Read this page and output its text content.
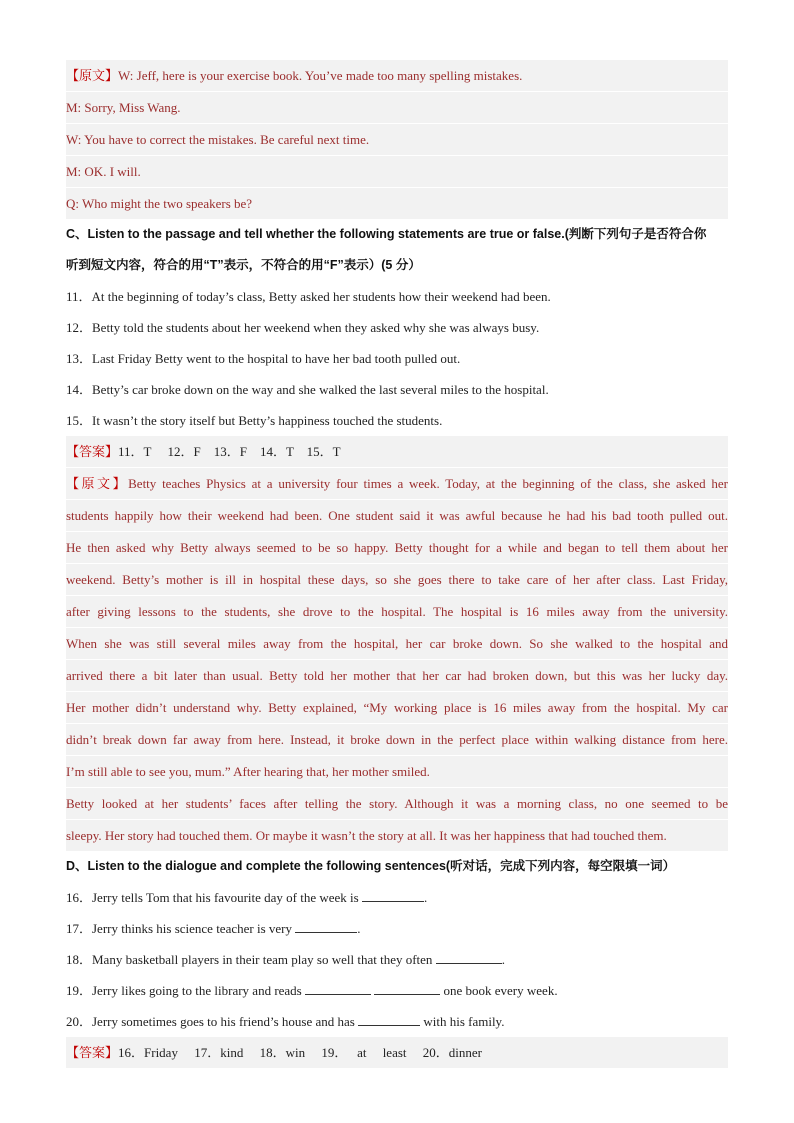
【原文】W: Jeff, here is your exercise book. You’ve made too many spelling mistakes.
M: Sorry, Miss Wang.
W: You have to correct the mistakes. Be careful next time.
M: OK. I will.
Q: Who might the two speakers be?
C、Listen to the passage and tell whether the following statements are true or false.(判断下列句子是否符合你
听到短文内容，符合的用“T”表示，不符合的用“F”表示）(5 分）
11．At the beginning of today’s class, Betty asked her students how their weekend had been.
12．Betty told the students about her weekend when they asked why she was always busy.
13．Last Friday Betty went to the hospital to have her bad tooth pulled out.
14．Betty’s car broke down on the way and she walked the last several miles to the hospital.
15．It wasn’t the story itself but Betty’s happiness touched the students.
【答案】11．T　 12．F　13．F　14．T　15．T
【原文】Betty teaches Physics at a university four times a week. Today, at the beginning of the class, she asked her
students happily how their weekend had been. One student said it was awful because he had his bad tooth pulled out.
He then asked why Betty always seemed to be so happy. Betty thought for a while and began to tell them about her
weekend. Betty’s mother is ill in hospital these days, so she goes there to take care of her after class. Last Friday,
after giving lessons to the students, she drove to the hospital. The hospital is 16 miles away from the university.
When she was still several miles away from the hospital, her car broke down. So she walked to the hospital and
arrived there a bit later than usual. Betty told her mother that her car had broken down, but this was her lucky day.
Her mother didn’t understand why. Betty explained, “My working place is 16 miles away from the hospital. My car
didn’t break down far away from here. Instead, it broke down in the perfect place within walking distance from here.
I’m still able to see you, mum.” After hearing that, her mother smiled.
Betty looked at her students’ faces after telling the story. Although it was a morning class, no one seemed to be
sleepy. Her story had touched them. Or maybe it wasn’t the story at all. It was her happiness that had touched them.
D、Listen to the dialogue and complete the following sentences(听对话，完成下列内容，每空限填一词）
16．Jerry tells Tom that his favourite day of the week is	.
17．Jerry thinks his science teacher is very	.
18．Many basketball players in their team play so well that they often	.
19．Jerry likes going to the library and reads	one book every week.
20．Jerry sometimes goes to his friend’s house and has	with his family.
【答案】16．Friday　 17．kind　 18．win　 19．　 at　 least　 20．dinner
